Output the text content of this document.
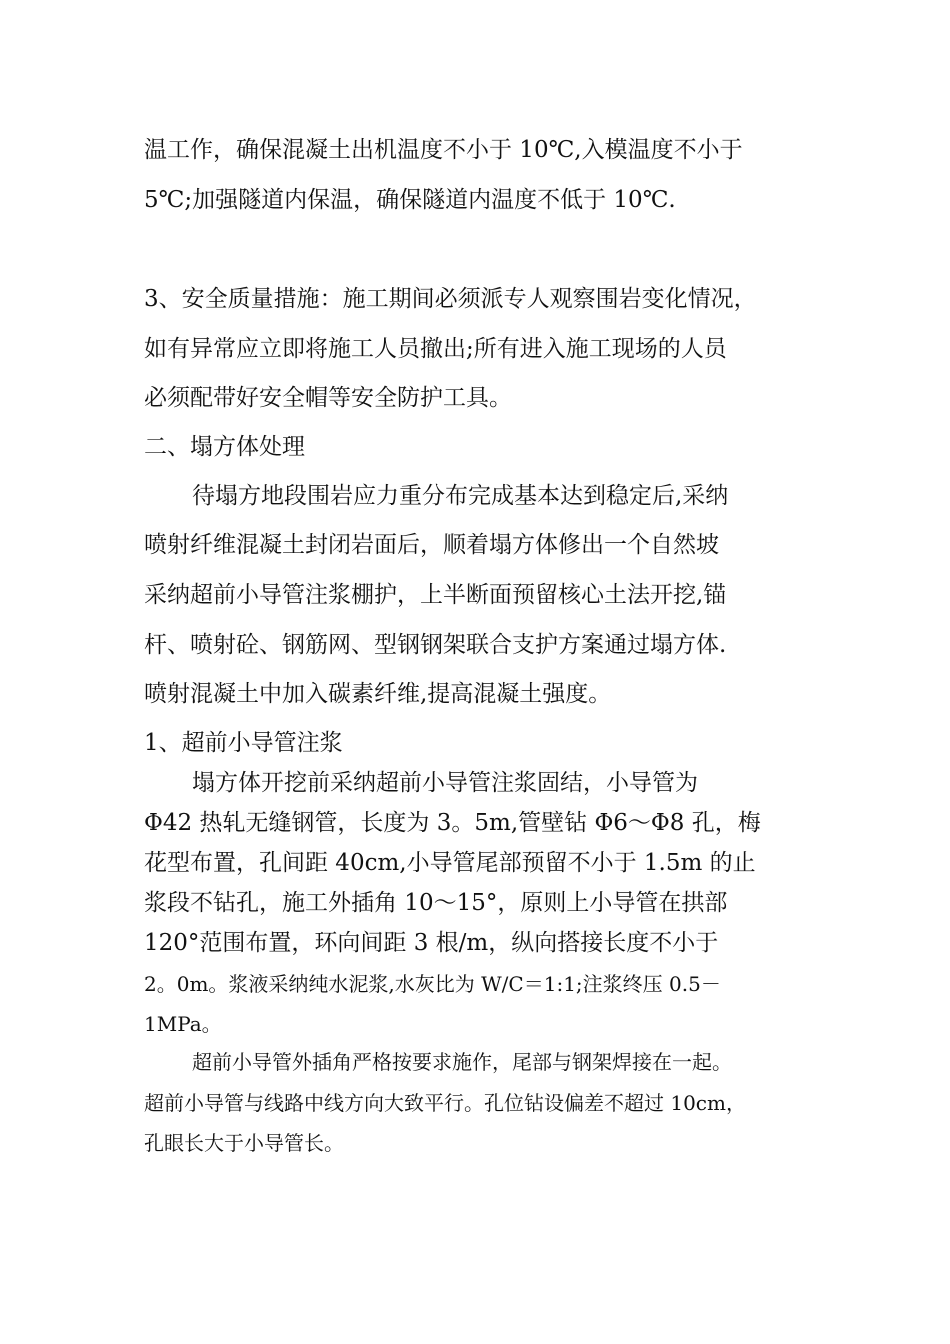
温工作，确保混凝土出机温度不小于 10℃,入模温度不小于
5℃;加强隧道内保温，确保隧道内温度不低于 10℃.
3、安全质量措施：施工期间必须派专人观察围岩变化情况，
如有异常应立即将施工人员撤出;所有进入施工现场的人员
必须配带好安全帽等安全防护工具。
二、塌方体处理
待塌方地段围岩应力重分布完成基本达到稳定后,采纳
喷射纤维混凝土封闭岩面后，顺着塌方体修出一个自然坡
采纳超前小导管注浆棚护，上半断面预留核心土法开挖,锚
杆、喷射砼、钢筋网、型钢钢架联合支护方案通过塌方体.
喷射混凝土中加入碳素纤维,提高混凝土强度。
1、超前小导管注浆
塌方体开挖前采纳超前小导管注浆固结，小导管为
Φ42 热轧无缝钢管，长度为 3。5m,管壁钻 Φ6～Φ8 孔，梅
花型布置，孔间距 40cm,小导管尾部预留不小于 1.5m 的止
浆段不钻孔，施工外插角 10～15°，原则上小导管在拱部
120°范围布置，环向间距 3 根/m，纵向搭接长度不小于
2。0m。浆液采纳纯水泥浆,水灰比为 W/C＝1:1;注浆终压 0.5－
1MPa。
超前小导管外插角严格按要求施作，尾部与钢架焊接在一起。
超前小导管与线路中线方向大致平行。孔位钻设偏差不超过 10cm，
孔眼长大于小导管长。
